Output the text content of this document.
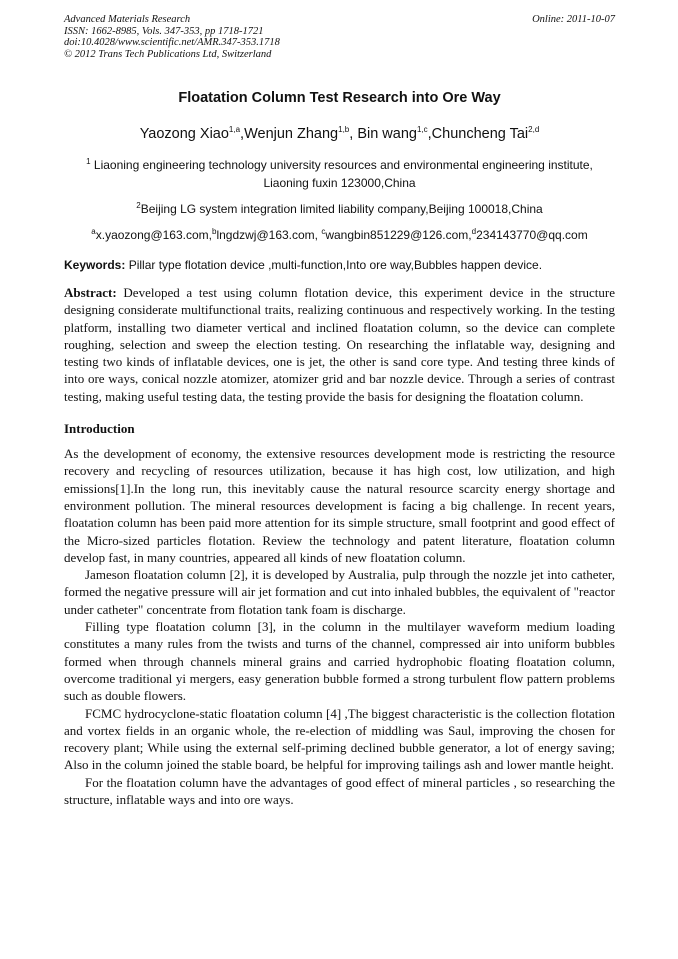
Advanced Materials Research
ISSN: 1662-8985, Vols. 347-353, pp 1718-1721
doi:10.4028/www.scientific.net/AMR.347-353.1718
© 2012 Trans Tech Publications Ltd, Switzerland
Online: 2011-10-07
Floatation Column Test Research into Ore Way
Yaozong Xiao$^{1,a}$,Wenjun Zhang$^{1,b}$, Bin wang$^{1,c}$,Chuncheng Tai$^{2,d}$
$^1$ Liaoning engineering technology university resources and environmental engineering institute,
Liaoning fuxin 123000,China
$^2$Beijing LG system integration limited liability company,Beijing 100018,China
$^a$x.yaozong@163.com,$^b$lngdzwj@163.com, $^c$wangbin851229@126.com,$^d$234143770@qq.com
Keywords: Pillar type flotation device ,multi-function,Into ore way,Bubbles happen device.
Abstract: Developed a test using column flotation device, this experiment device in the structure designing considerate multifunctional traits, realizing continuous and respectively working. In the testing platform, installing two diameter vertical and inclined floatation column, so the device can complete roughing, selection and sweep the election testing. On researching the inflatable way, designing and testing two kinds of inflatable devices, one is jet, the other is sand core type. And testing three kinds of into ore ways, conical nozzle atomizer, atomizer grid and bar nozzle device. Through a series of contrast testing, making useful testing data, the testing provide the basis for designing the floatation column.
Introduction

As the development of economy, the extensive resources development mode is restricting the resource recovery and recycling of resources utilization, because it has high cost, low utilization, and high emissions[1].In the long run, this inevitably cause the natural resource scarcity energy shortage and environment pollution. The mineral resources development is facing a big challenge. In recent years, floatation column has been paid more attention for its simple structure, small footprint and good effect of the Micro-sized particles flotation. Review the technology and patent literature, floatation column develop fast, in many countries, appeared all kinds of new floatation column.

Jameson floatation column [2], it is developed by Australia, pulp through the nozzle jet into catheter, formed the negative pressure will air jet formation and cut into inhaled bubbles, the equivalent of "reactor under catheter" concentrate from flotation tank foam is discharge.

Filling type floatation column [3], in the column in the multilayer waveform medium loading constitutes a many rules from the twists and turns of the channel, compressed air into uniform bubbles formed when through channels mineral grains and carried hydrophobic floating floatation column, overcome traditional yi mergers, easy generation bubble formed a strong turbulent flow pattern problems such as double flowers.

FCMC hydrocyclone-static floatation column [4] ,The biggest characteristic is the collection flotation and vortex fields in an organic whole, the re-election of middling was Saul, improving the chosen for recovery plant; While using the external self-priming declined bubble generator, a lot of energy saving; Also in the column joined the stable board, be helpful for improving tailings ash and lower mantle height.

For the floatation column have the advantages of good effect of mineral particles , so researching the structure, inflatable ways and into ore ways.
